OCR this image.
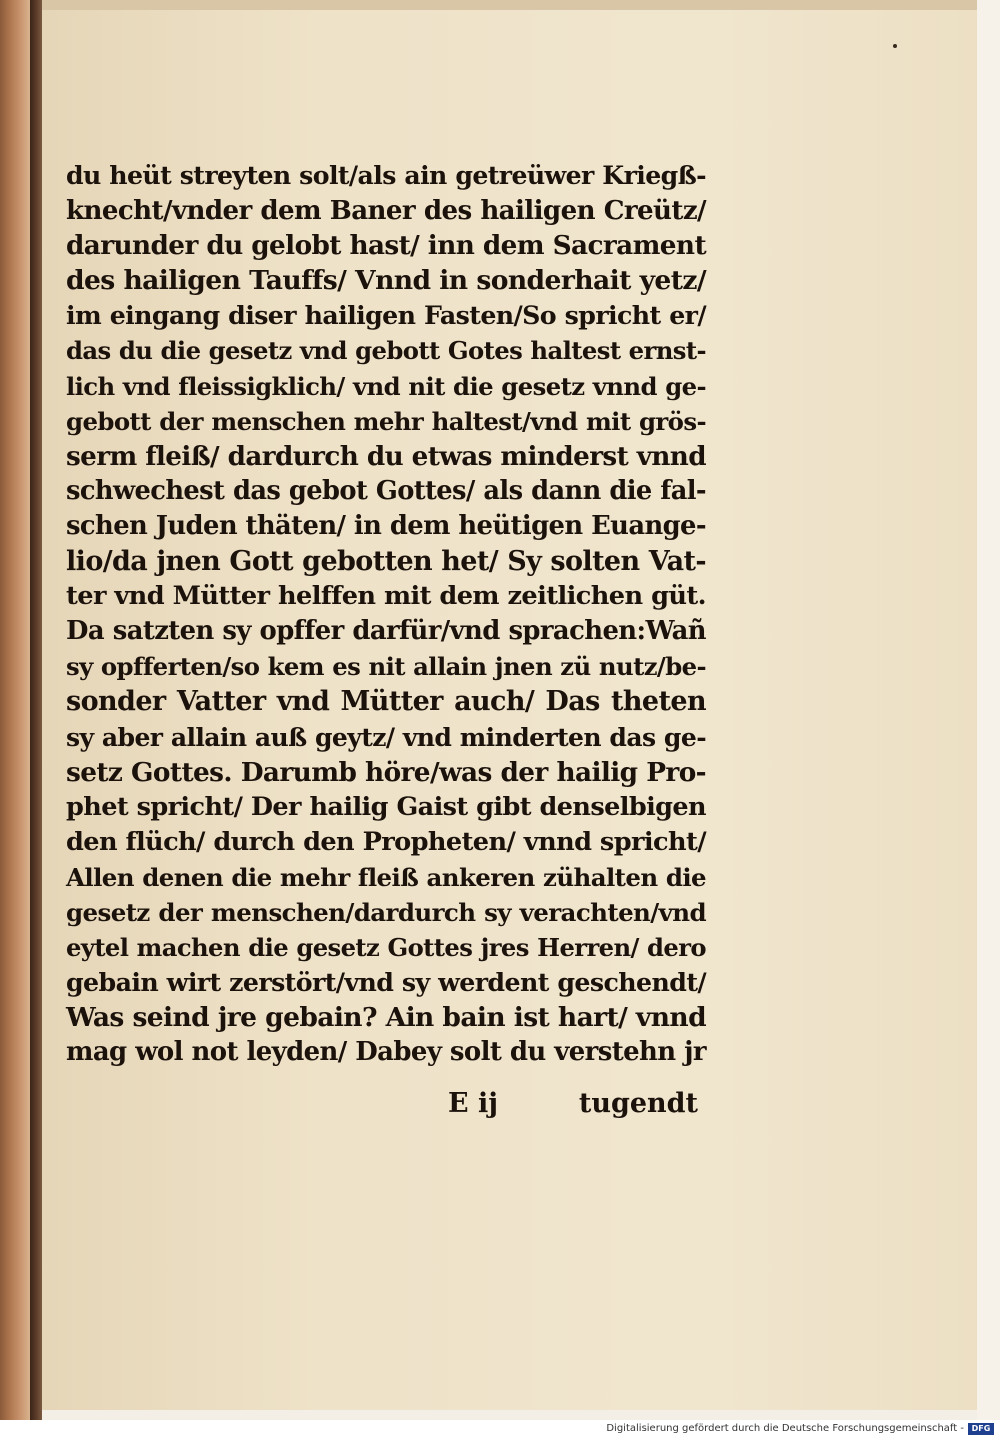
du heüt streyten solt/als ain getreüwer Kriegß-
knecht/vnder dem Baner des hailigen Creütz/
darunder du gelobt hast/ inn dem Sacrament
des hailigen Tauffs/ Vnnd in sonderhait yetz/
im eingang diser hailigen Fasten/So spricht er/
das du die gesetz vnd gebott Gotes haltest ernst-
lich vnd fleissigklich/ vnd nit die gesetz vnnd ge-
gebott der menschen mehr haltest/vnd mit grös-
serm fleiß/ dardurch du etwas minderst vnnd
schwechest das gebot Gottes/ als dann die fal-
schen Juden thäten/ in dem heütigen Euange-
lio/da jnen Gott gebotten het/ Sy solten Vat-
ter vnd Mütter helffen mit dem zeitlichen güt.
Da satzten sy opffer darfür/vnd sprachen:Wañ
sy opfferten/so kem es nit allain jnen zü nutz/be-
sonder Vatter vnd Mütter auch/ Das theten
sy aber allain auß geytz/ vnd minderten das ge-
setz Gottes. Darumb höre/was der hailig Pro-
phet spricht/ Der hailig Gaist gibt denselbigen
den flüch/ durch den Propheten/ vnnd spricht/
Allen denen die mehr fleiß ankeren zühalten die
gesetz der menschen/dardurch sy verachten/vnd
eytel machen die gesetz Gottes jres Herren/ dero
gebain wirt zerstört/vnd sy werdent geschendt/
Was seind jre gebain? Ain bain ist hart/ vnnd
mag wol not leyden/ Dabey solt du verstehn jr
E ij	tugendt
Digitalisierung gefördert durch die Deutsche Forschungsgemeinschaft - DFG
